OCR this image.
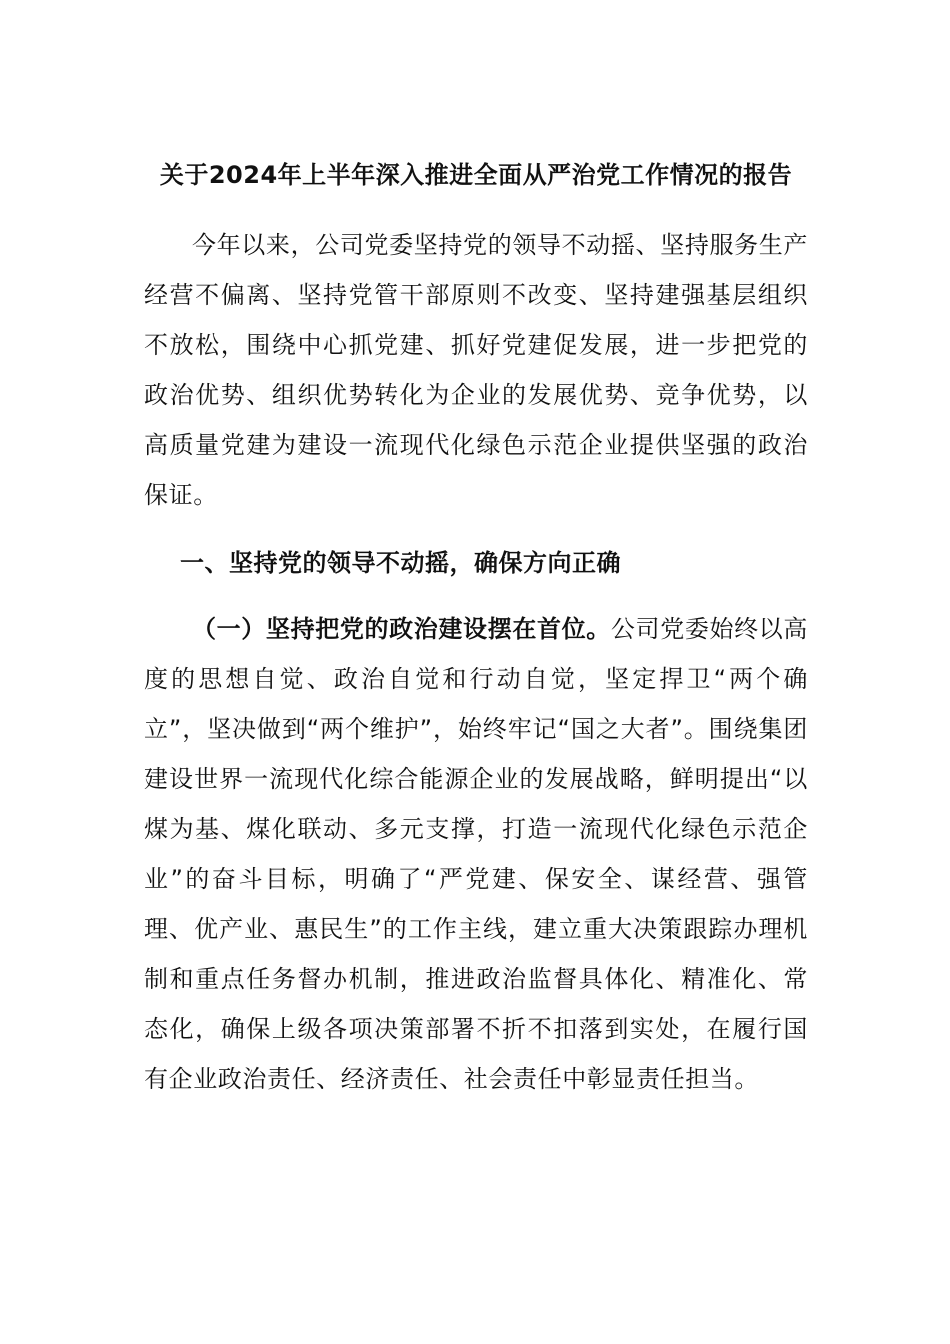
关于2024年上半年深入推进全面从严治党工作情况的报告

今年以来，公司党委坚持党的领导不动摇、坚持服务生产经营不偏离、坚持党管干部原则不改变、坚持建强基层组织不放松，围绕中心抓党建、抓好党建促发展，进一步把党的政治优势、组织优势转化为企业的发展优势、竞争优势，以高质量党建为建设一流现代化绿色示范企业提供坚强的政治保证。

一、坚持党的领导不动摇，确保方向正确

（一）坚持把党的政治建设摆在首位。公司党委始终以高度的思想自觉、政治自觉和行动自觉，坚定捍卫“两个确立”，坚决做到“两个维护”，始终牢记“国之大者”。围绕集团建设世界一流现代化综合能源企业的发展战略，鲜明提出“以煤为基、煤化联动、多元支撑，打造一流现代化绿色示范企业”的奋斗目标，明确了“严党建、保安全、谋经营、强管理、优产业、惠民生”的工作主线，建立重大决策跟踪办理机制和重点任务督办机制，推进政治监督具体化、精准化、常态化，确保上级各项决策部署不折不扣落到实处，在履行国有企业政治责任、经济责任、社会责任中彰显责任担当。
